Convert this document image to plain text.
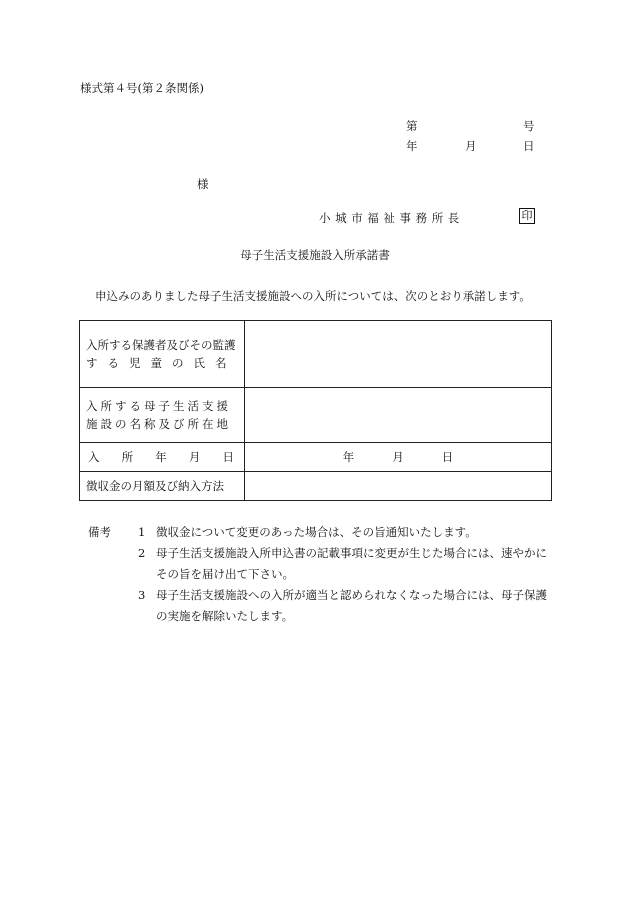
様式第４号(第２条関係)
第	号
年	月	日
様
小城市福祉事務所長	印
母子生活支援施設入所承諾書
申込みのありました母子生活支援施設への入所については、次のとおり承諾します。
入所する保護者及びその監護
する児童の氏名	

入所する母子生活支援
施設の名称及び所在地	

入 所 年 月 日	年 月 日

徴収金の月額及び納入方法	

備考 1 徴収金について変更のあった場合は、その旨通知いたします。
2 母子生活支援施設入所申込書の記載事項に変更が生じた場合には、速やかに
その旨を届け出て下さい。
3 母子生活支援施設への入所が適当と認められなくなった場合には、母子保護
の実施を解除いたします。
